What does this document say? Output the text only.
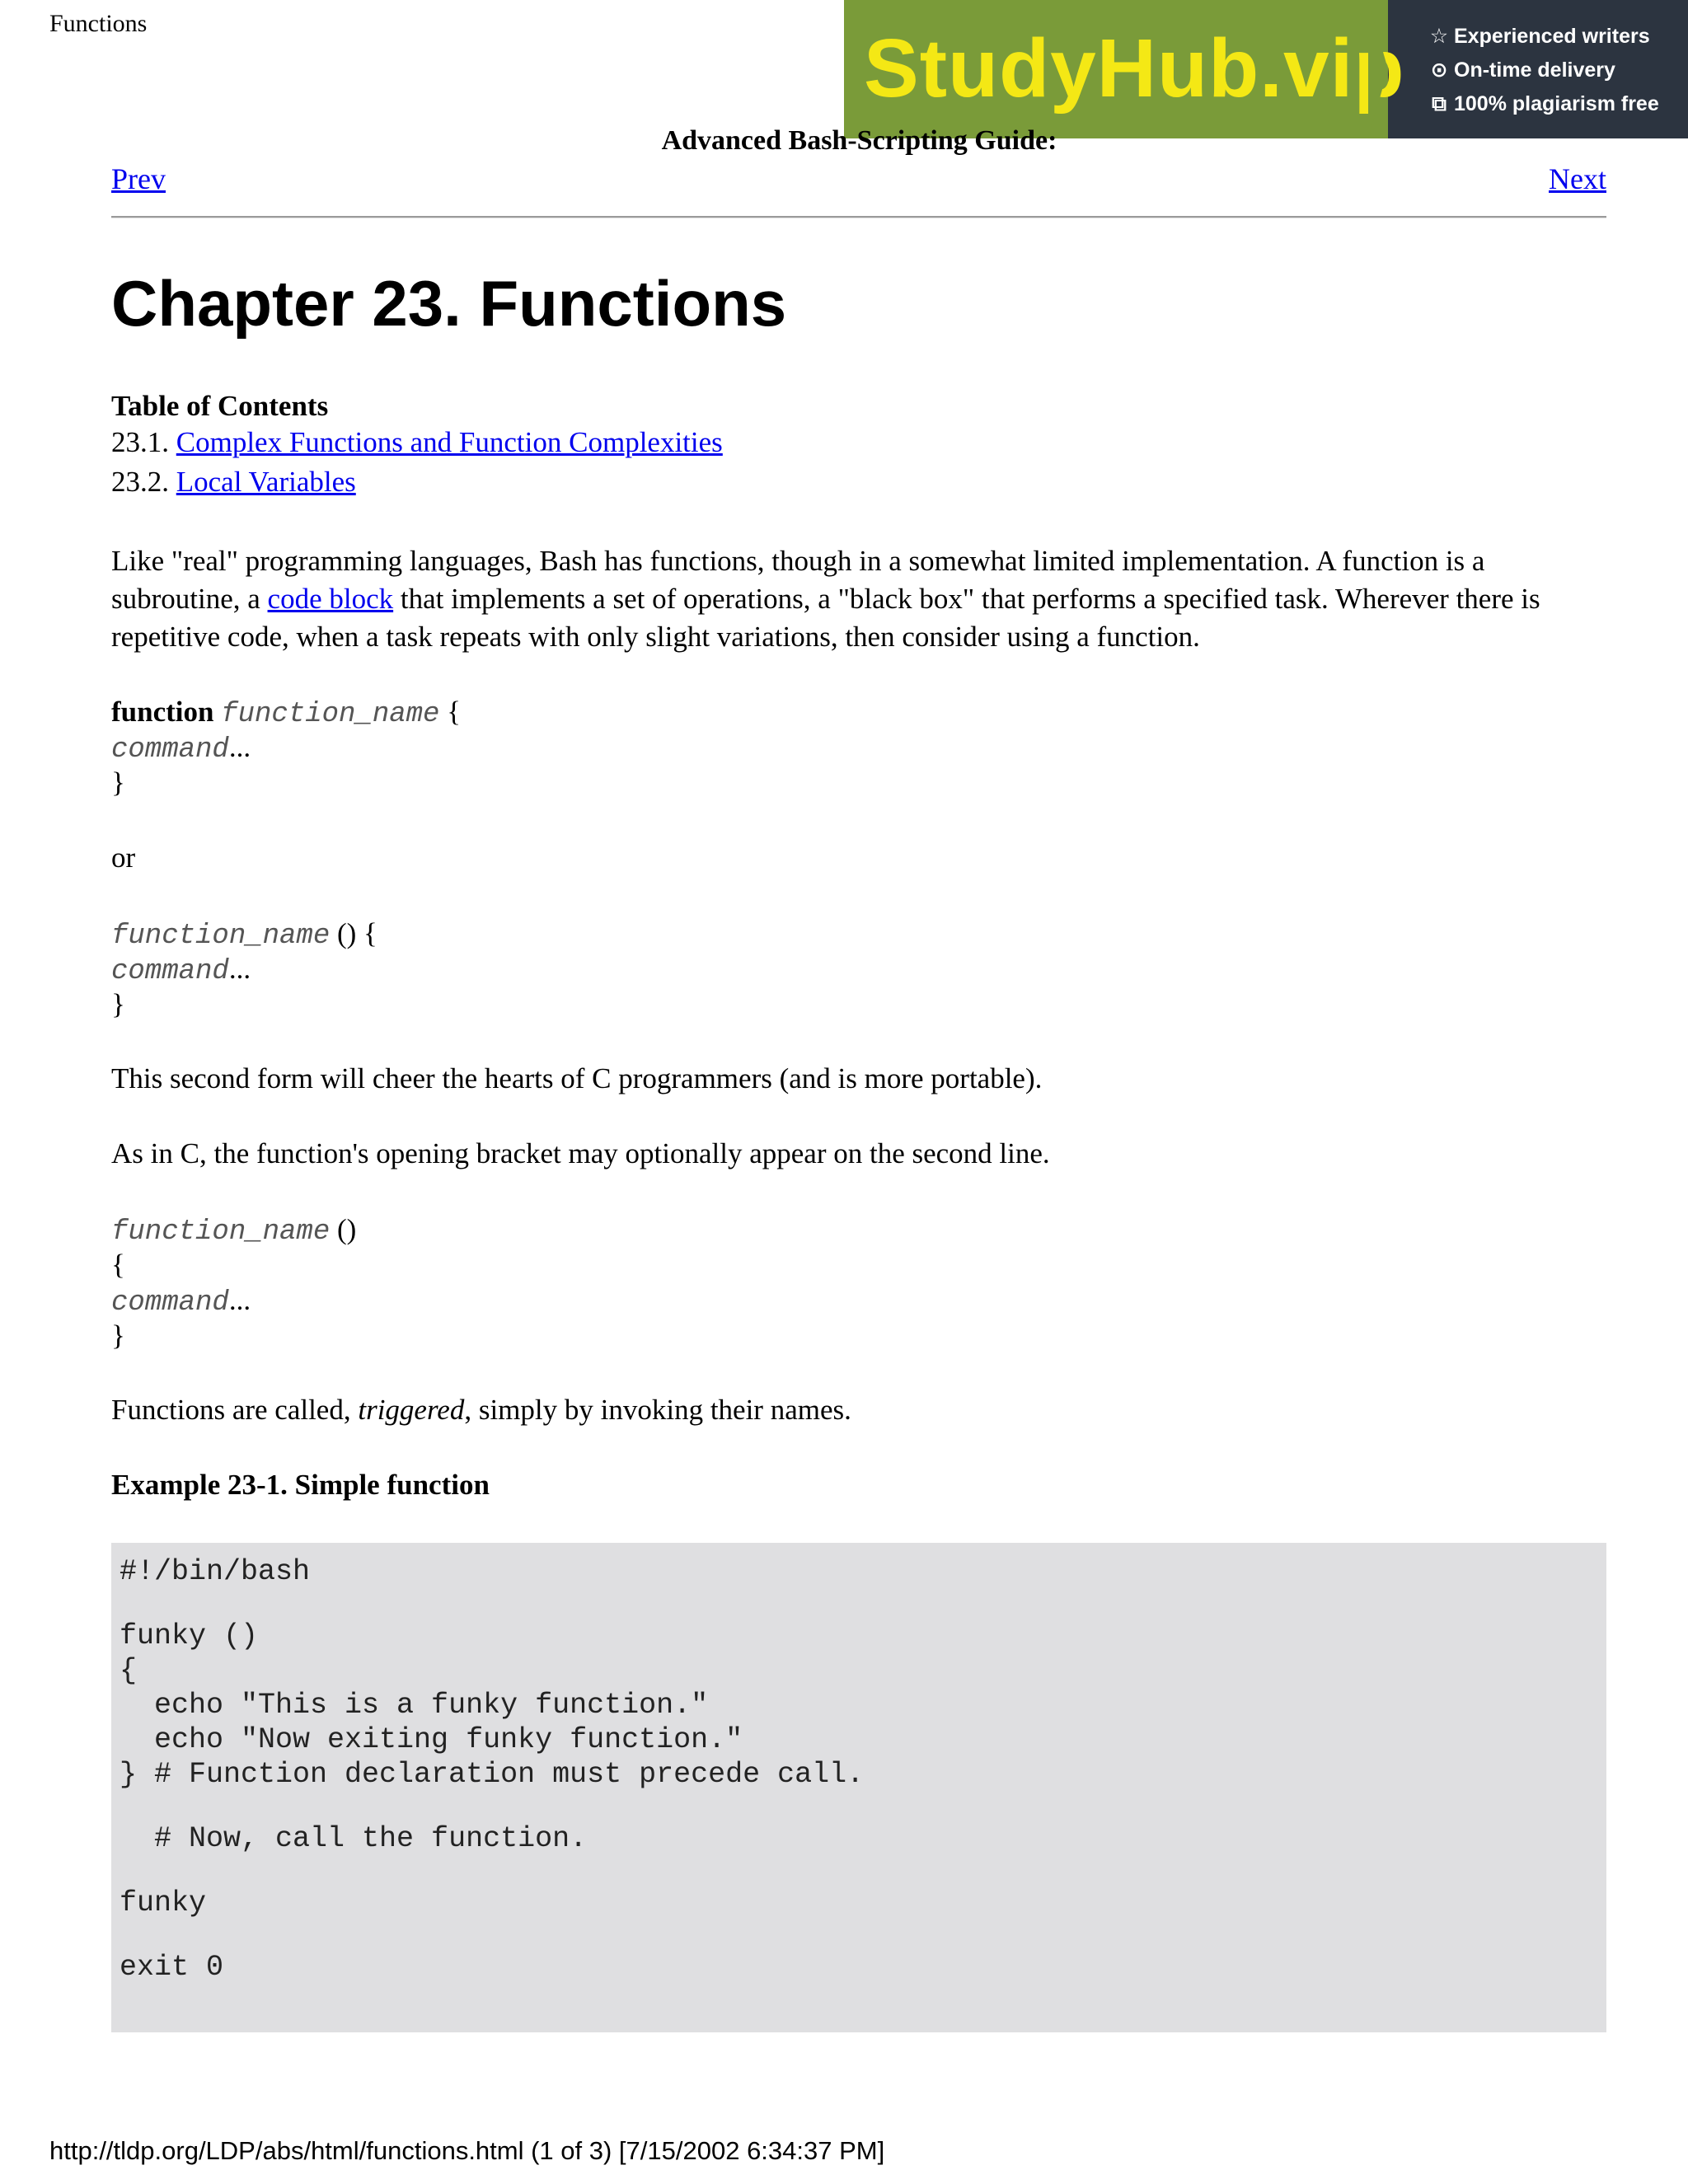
Functions	StudyHub.vip ☆ Experienced writers
⊙ On-time delivery
⧉ 100% plagiarism free
Advanced Bash-Scripting Guide:
Prev	Next
Chapter 23. Functions
Table of Contents
23.1. Complex Functions and Function Complexities
23.2. Local Variables

Like "real" programming languages, Bash has functions, though in a somewhat limited implementation. A function is a subroutine, a code block that implements a set of operations, a "black box" that performs a specified task. Wherever there is repetitive code, when a task repeats with only slight variations, then consider using a function.

function function_name {
command...
}
or
function_name () {
command...
}
This second form will cheer the hearts of C programmers (and is more portable).
As in C, the function's opening bracket may optionally appear on the second line.
function_name ()
{
command...
}
Functions are called, triggered, simply by invoking their names.
Example 23-1. Simple function
#!/bin/bash
funky ()
{
echo "This is a funky function."
echo "Now exiting funky function."
} # Function declaration must precede call.
# Now, call the function.
funky
exit 0
http://tldp.org/LDP/abs/html/functions.html (1 of 3) [7/15/2002 6:34:37 PM]
